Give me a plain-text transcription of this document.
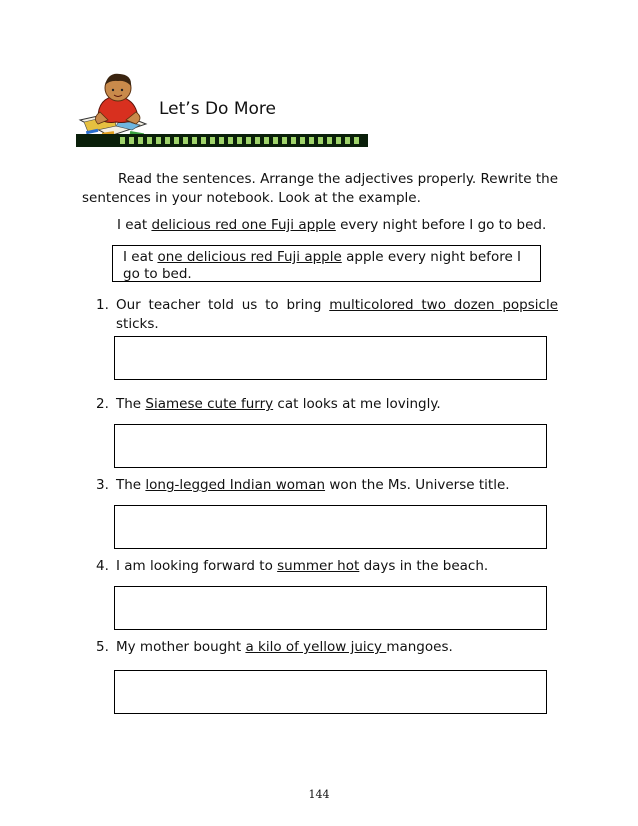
Let’s Do More

Read the sentences. Arrange the adjectives properly. Rewrite the sentences in your notebook. Look at the example.

I eat delicious red one Fuji apple every night before I go to bed.
I eat one delicious red Fuji apple apple every night before I go to bed.
1. Our teacher told us to bring multicolored two dozen popsicle sticks.
2. The Siamese cute furry cat looks at me lovingly.
3. The long-legged Indian woman won the Ms. Universe title.
4. I am looking forward to summer hot days in the beach.
5. My mother bought a kilo of yellow juicy mangoes.
144
